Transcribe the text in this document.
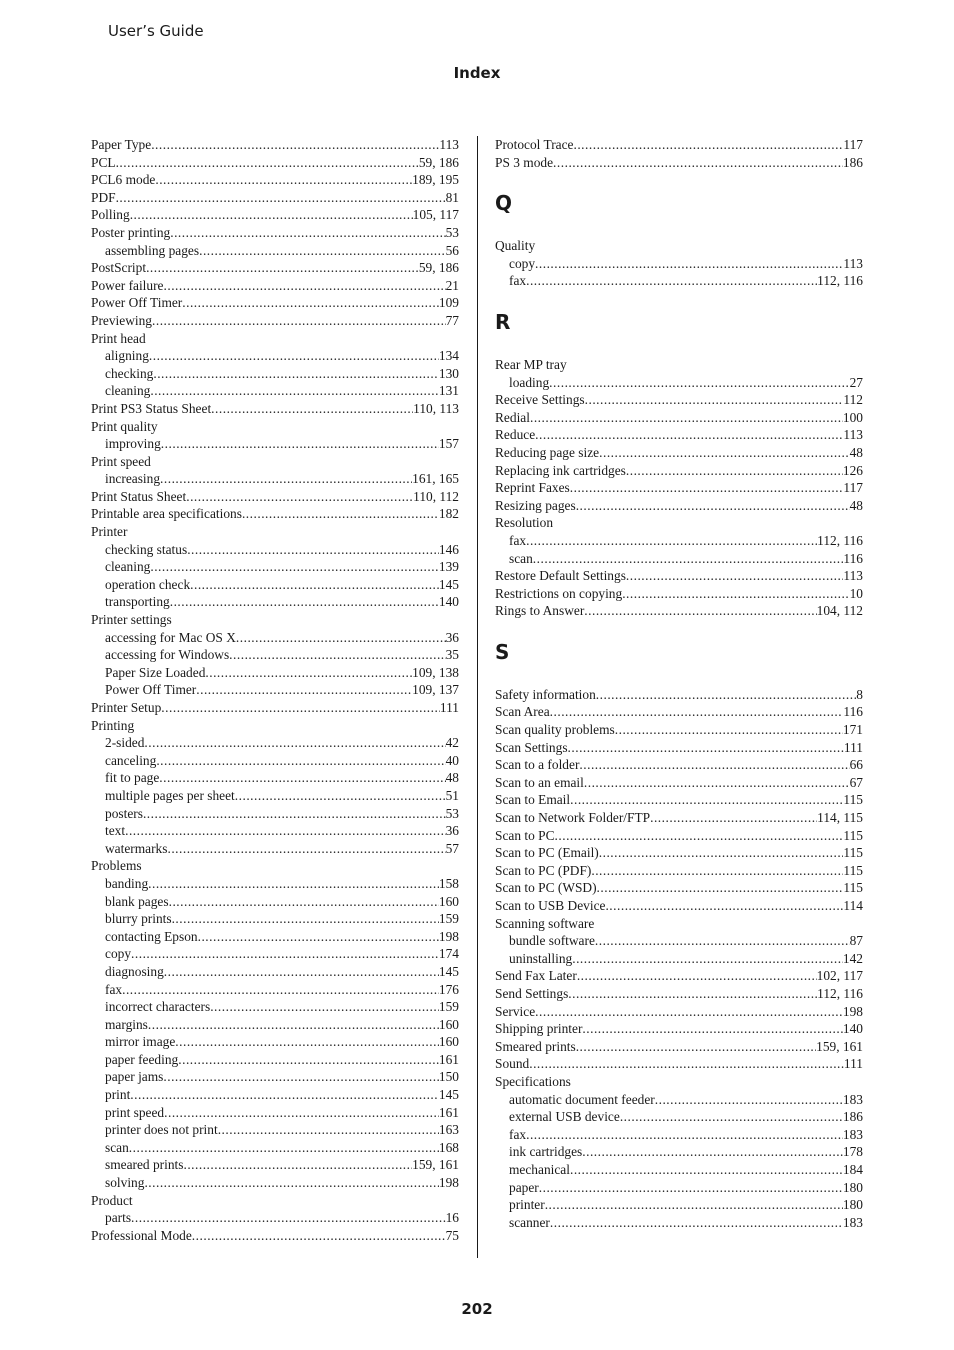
User’s Guide
Index
Paper Type .....	113
PCL .....	59, 186
PCL6 mode .....	189, 195
PDF .....	81
Polling .....	105, 117
Poster printing .....	53
assembling pages .....	56
PostScript .....	59, 186
Power failure .....	21
Power Off Timer .....	109
Previewing .....	77
Print head
aligning .....	134
checking .....	130
cleaning .....	131
Print PS3 Status Sheet .....	110, 113
Print quality
improving .....	157
Print speed
increasing .....	161, 165
Print Status Sheet .....	110, 112
Printable area specifications .....	182
Printer
checking status .....	146
cleaning .....	139
operation check .....	145
transporting .....	140
Printer settings
accessing for Mac OS X .....	36
accessing for Windows .....	35
Paper Size Loaded .....	109, 138
Power Off Timer .....	109, 137
Printer Setup .....	111
Printing
2-sided .....	42
canceling .....	40
fit to page .....	48
multiple pages per sheet .....	51
posters .....	53
text .....	36
watermarks .....	57
Problems
banding .....	158
blank pages .....	160
blurry prints .....	159
contacting Epson .....	198
copy .....	174
diagnosing .....	145
fax .....	176
incorrect characters .....	159
margins .....	160
mirror image .....	160
paper feeding .....	161
paper jams .....	150
print .....	145
print speed .....	161
printer does not print .....	163
scan .....	168
smeared prints .....	159, 161
solving .....	198
Product
parts .....	16
Professional Mode .....	75
Protocol Trace .....	117
PS 3 mode .....	186
Q
Quality
copy .....	113
fax .....	112, 116
R
Rear MP tray
loading .....	27
Receive Settings .....	112
Redial .....	100
Reduce .....	113
Reducing page size .....	48
Replacing ink cartridges .....	126
Reprint Faxes .....	117
Resizing pages .....	48
Resolution
fax .....	112, 116
scan .....	116
Restore Default Settings .....	113
Restrictions on copying .....	10
Rings to Answer .....	104, 112
S
Safety information .....	8
Scan Area .....	116
Scan quality problems .....	171
Scan Settings .....	111
Scan to a folder .....	66
Scan to an email .....	67
Scan to Email .....	115
Scan to Network Folder/FTP .....	114, 115
Scan to PC .....	115
Scan to PC (Email) .....	115
Scan to PC (PDF) .....	115
Scan to PC (WSD) .....	115
Scan to USB Device .....	114
Scanning software
bundle software .....	87
uninstalling .....	142
Send Fax Later .....	102, 117
Send Settings .....	112, 116
Service .....	198
Shipping printer .....	140
Smeared prints .....	159, 161
Sound .....	111
Specifications
automatic document feeder .....	183
external USB device .....	186
fax .....	183
ink cartridges .....	178
mechanical .....	184
paper .....	180
printer .....	180
scanner .....	183
202
